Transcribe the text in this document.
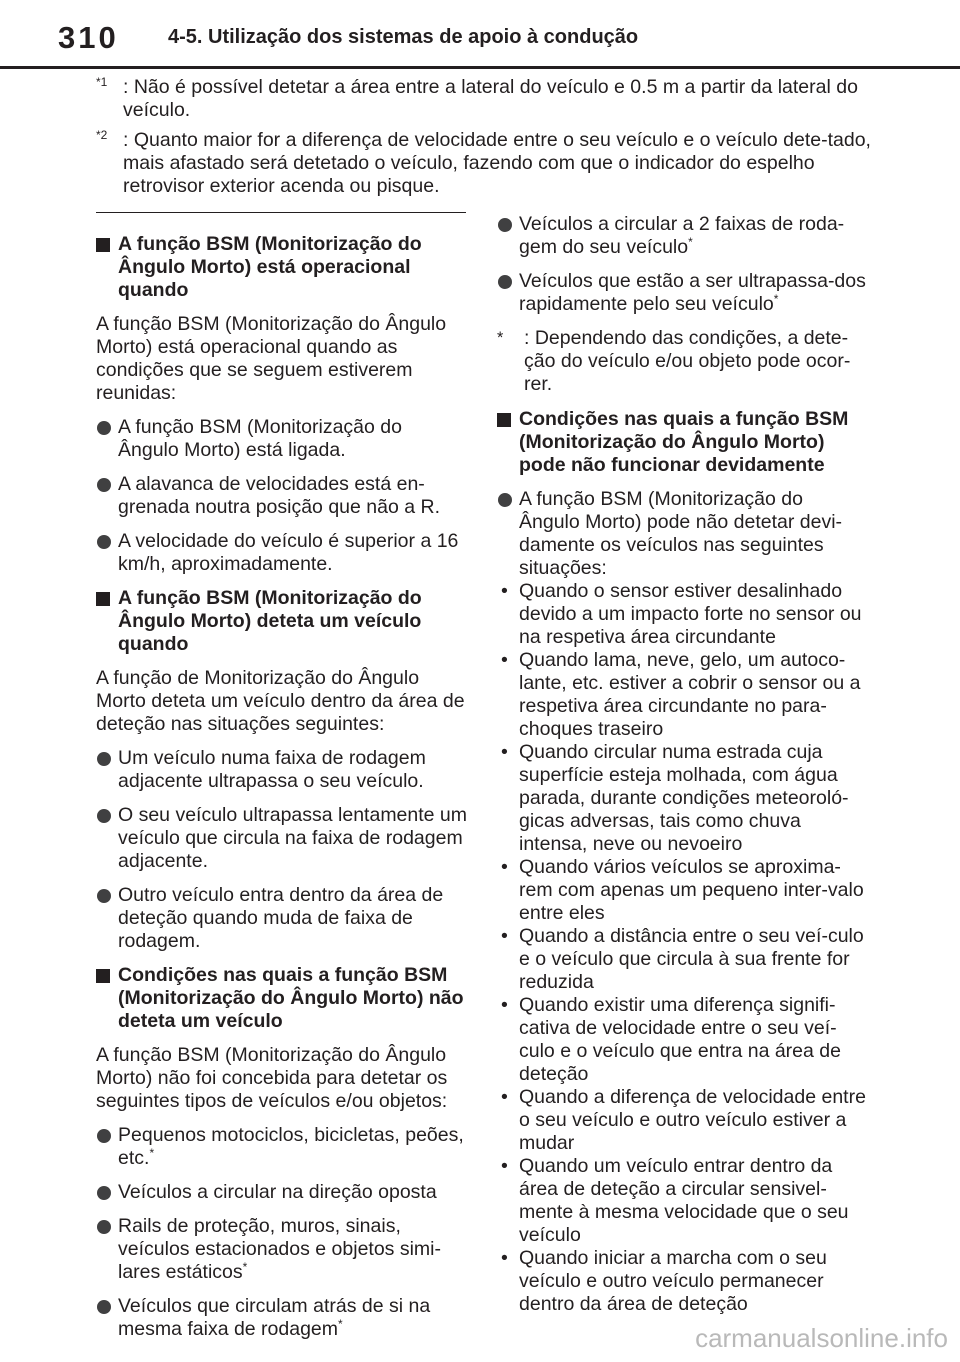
310 4-5. Utilização dos sistemas de apoio à condução
$^{*1}$ : Não é possível detetar a área entre a lateral do veículo e 0.5 m a partir da lateral do veículo.
$^{*2}$ : Quanto maior for a diferença de velocidade entre o seu veículo e o veículo dete-tado, mais afastado será detetado o veículo, fazendo com que o indicador do espelho retrovisor exterior acenda ou pisque.
A função BSM (Monitorização do Ângulo Morto) está operacional quando
A função BSM (Monitorização do Ângulo Morto) está operacional quando as condições que se seguem estiverem reunidas:
A função BSM (Monitorização do Ângulo Morto) está ligada.
A alavanca de velocidades está en-grenada noutra posição que não a R.
A velocidade do veículo é superior a 16 km/h, aproximadamente.
A função BSM (Monitorização do Ângulo Morto) deteta um veículo quando
A função de Monitorização do Ângulo Morto deteta um veículo dentro da área de deteção nas situações seguintes:
Um veículo numa faixa de rodagem adjacente ultrapassa o seu veículo.
O seu veículo ultrapassa lentamente um veículo que circula na faixa de rodagem adjacente.
Outro veículo entra dentro da área de deteção quando muda de faixa de rodagem.
Condições nas quais a função BSM (Monitorização do Ângulo Morto) não deteta um veículo
A função BSM (Monitorização do Ângulo Morto) não foi concebida para detetar os seguintes tipos de veículos e/ou objetos:
Pequenos motociclos, bicicletas, peões, etc.*
Veículos a circular na direção oposta
Rails de proteção, muros, sinais, veículos estacionados e objetos simi-lares estáticos*
Veículos que circulam atrás de si na mesma faixa de rodagem*
Veículos a circular a 2 faixas de roda-gem do seu veículo*
Veículos que estão a ser ultrapassa-dos rapidamente pelo seu veículo*
* : Dependendo das condições, a dete-ção do veículo e/ou objeto pode ocor-rer.
Condições nas quais a função BSM (Monitorização do Ângulo Morto) pode não funcionar devidamente
A função BSM (Monitorização do Ângulo Morto) pode não detetar devi-damente os veículos nas seguintes situações:
• Quando o sensor estiver desalinhado devido a um impacto forte no sensor ou na respetiva área circundante
• Quando lama, neve, gelo, um autoco-lante, etc. estiver a cobrir o sensor ou a respetiva área circundante no para-choques traseiro
• Quando circular numa estrada cuja superfície esteja molhada, com água parada, durante condições meteoroló-gicas adversas, tais como chuva intensa, neve ou nevoeiro
• Quando vários veículos se aproxima-rem com apenas um pequeno inter-valo entre eles
• Quando a distância entre o seu veí-culo e o veículo que circula à sua frente for reduzida
• Quando existir uma diferença signifi-cativa de velocidade entre o seu veí-culo e o veículo que entra na área de deteção
• Quando a diferença de velocidade entre o seu veículo e outro veículo estiver a mudar
• Quando um veículo entrar dentro da área de deteção a circular sensivel-mente à mesma velocidade que o seu veículo
• Quando iniciar a marcha com o seu veículo e outro veículo permanecer dentro da área de deteção
carmanualsonline.info
